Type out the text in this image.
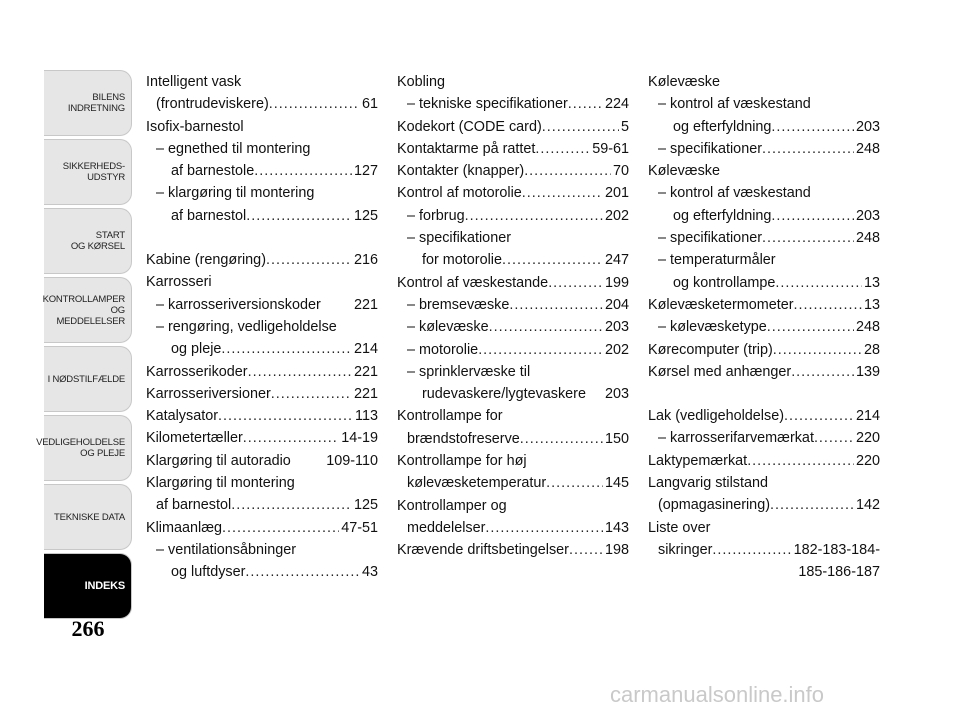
BILENS
INDRETNING
SIKKERHEDS-
UDSTYR
START
OG KØRSEL
KONTROLLAMPER
OG MEDDELELSER
I NØDSTILFÆLDE
VEDLIGEHOLDELSE
OG PLEJE
TEKNISKE DATA
INDEKS
266
Intelligent vask
(frontrudeviskere) .....	61
Isofix-barnestol
– egnethed til montering
af barnestole .....	127
– klargøring til montering
af barnestol .....	125
Kabine (rengøring) .....	216
Karrosseri
– karrosseriversionskoder 221
– rengøring, vedligeholdelse
og pleje .....	214
Karrosserikoder .....	221
Karrosseriversioner .....	221
Katalysator .....	113
Kilometertæller .....	14-19
Klargøring til autoradio 109-110
Klargøring til montering
af barnestol .....	125
Klimaanlæg .....	47-51
– ventilationsåbninger
og luftdyser .....	43
Kobling
– tekniske specifikationer .....	224
Kodekort (CODE card) .....	5
Kontaktarme på rattet .....	59-61
Kontakter (knapper) .....	70
Kontrol af motorolie .....	201
– forbrug .....	202
– specifikationer
for motorolie .....	247
Kontrol af væskestande .....	199
– bremsevæske .....	204
– kølevæske .....	203
– motorolie .....	202
– sprinklervæske til
rudevaskere/lygtevaskere 203
Kontrollampe for
brændstofreserve .....	150
Kontrollampe for høj
kølevæsketemperatur .....	145
Kontrollamper og
meddelelser .....	143
Krævende driftsbetingelser .....	198
Kølevæske
– kontrol af væskestand
og efterfyldning .....	203
– specifikationer .....	248
Kølevæske
– kontrol af væskestand
og efterfyldning .....	203
– specifikationer .....	248
– temperaturmåler
og kontrollampe .....	13
Kølevæsketermometer .....	13
– kølevæsketype .....	248
Kørecomputer (trip) .....	28
Kørsel med anhænger .....	139
Lak (vedligeholdelse) .....	214
– karrosserifarvemærkat .....	220
Laktypemærkat .....	220
Langvarig stilstand
(opmagasinering) .....	142
Liste over
sikringer .....	182-183-184-
185-186-187
carmanualsonline.info
